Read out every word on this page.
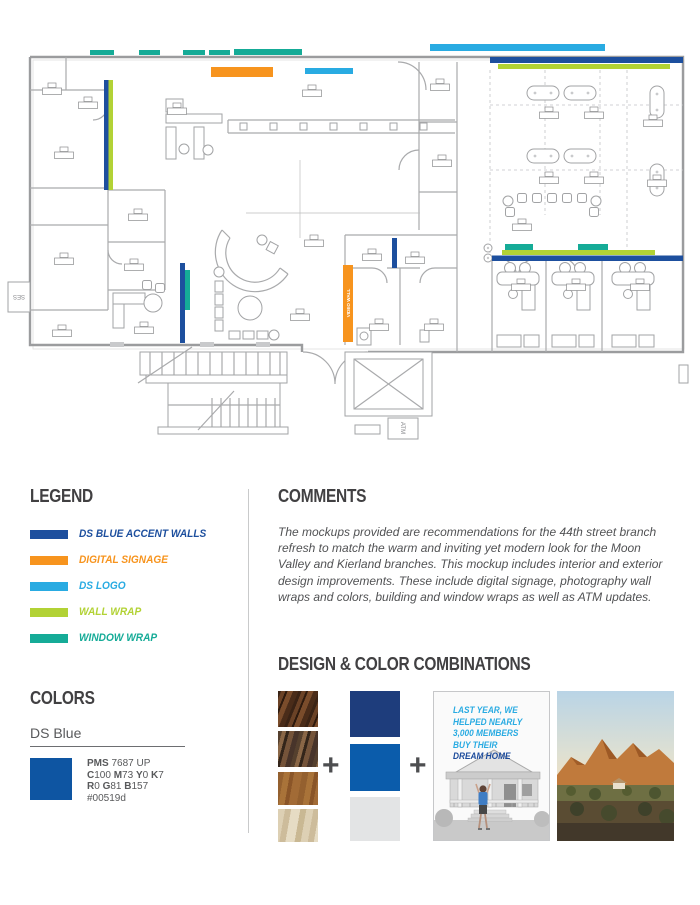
ATM
SES	VIDEO WALL
LEGEND
DS BLUE ACCENT WALLS
DIGITAL SIGNAGE
DS LOGO
WALL WRAP
WINDOW WRAP
COLORS
DS Blue
PMS 7687 UP
C100 M73 Y0 K7
R0 G81 B157
#00519d
COMMENTS
The mockups provided are recommendations for the 44th street branch refresh to match the warm and inviting yet modern look for the Moon Valley and Kierland branches. This mockup includes interior and exterior design improvements. These include digital signage, photography wall wraps and colors, building and window wraps as well as ATM updates.
DESIGN & COLOR COMBINATIONS
+ +
LAST YEAR, WE
HELPED NEARLY
3,000 MEMBERS
BUY THEIR
DREAM HOME
